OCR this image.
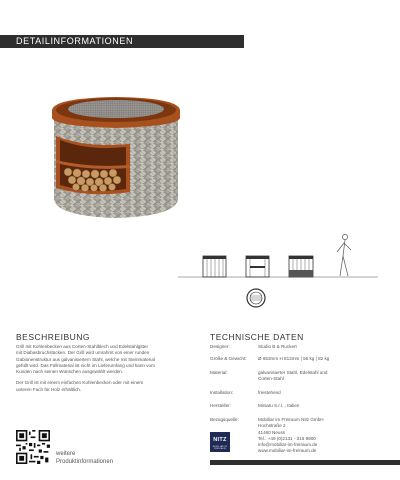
DETAILINFORMATIONEN
BESCHREIBUNG
Grill mit Kohlenbecken aus Corten-Stahlblech und Edelstahlgitter
mit Diabasbruchstücken. Der Grill wird umrahmt von einer runden
Gabionenstruktur aus galvanisiertem Stahl, welche mit Steinmaterial
gefüllt wird. Das Füllmaterial ist nicht im Lieferumfang und kann vom
Kunden nach seinen Wünschen ausgewählt werden.
Der Grill ist mit einem einfachen Kohlenbecken oder mit einem
unteren Fach für Holz erhältlich.
weitere
Produktinformationen
TECHNISCHE DATEN
Designer:	Studio B & Ruckert
Größe & Gewicht:	Ø 653mm H 813mm | 56 kg | 82 kg
Material:	galvanisierter Stahl, Edelstahl und
Corten-Stahl
Installation:	freistehend
Hersteller:	Miniatu S.r.l. , Italien
Bezugsquelle:	Mobiliar im Freiraum Nitz GmbH
Hochstraße 2
41460 Neuss
Tel.: +49 (0)2131 - 316 9900
info@mobiliar-im-freiraum.de
www.mobiliar-im-freiraum.de
NITZ
MOBILIAR IM FREIRAUM
